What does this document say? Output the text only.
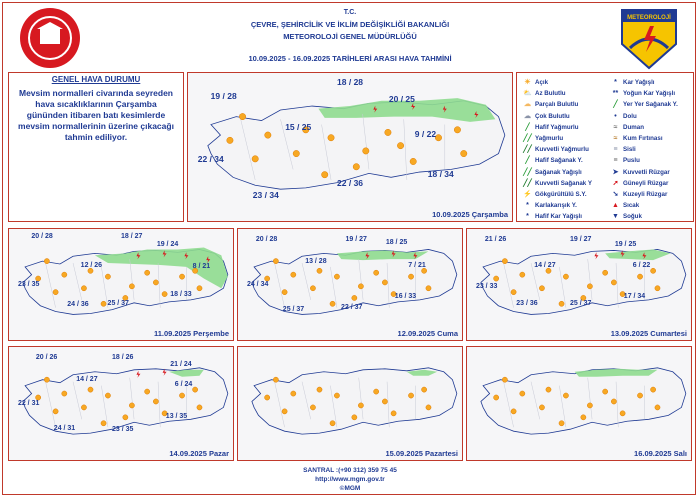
T.C.
ÇEVRE, ŞEHİRCİLİK VE İKLİM DEĞİŞİKLİĞİ BAKANLIĞI
METEOROLOJİ GENEL MÜDÜRLÜĞÜ
10.09.2025 - 16.09.2025 TARİHLERİ ARASI HAVA TAHMİNİ
METEOROLOJİ
GENEL HAVA DURUMU
Mevsim normalleri civarında seyreden hava sıcaklıklarının Çarşamba gününden itibaren batı kesimlerde mevsim normallerinin üzerine çıkacağı tahmin ediliyor.
19 / 28
18 / 28
20 / 25
15 / 25
9 / 22
22 / 34
18 / 34
22 / 36
23 / 34
10.09.2025 Çarşamba
20 / 28	18 / 27
19 / 24
12 / 26	8 / 21
23 / 35
18 / 33
24 / 36	25 / 37
11.09.2025 Perşembe
20 / 28	19 / 27	18 / 25
13 / 28
7 / 21
24 / 34
16 / 33
25 / 37	22 / 37
12.09.2025 Cuma
21 / 26	19 / 27
19 / 25
14 / 27	6 / 22
23 / 33
17 / 34
23 / 36	25 / 37
13.09.2025 Cumartesi
20 / 26	18 / 26
21 / 24
14 / 27
6 / 24
22 / 31
13 / 35
24 / 31	23 / 35
14.09.2025 Pazar	15.09.2025 Pazartesi	16.09.2025 Salı
☀ Açık
⛅ Az Bulutlu
☁ Parçalı Bulutlu
☁ Çok Bulutlu
╱ Hafif Yağmurlu
╱╱ Yağmurlu
╱╱ Kuvvetli Yağmurlu
╱ Hafif Sağanak Y.
╱╱ Sağanak Yağışlı
╱╱ Kuvvetli Sağanak Y
⚡ Gökgürültülü S.Y.
* Karlakarışık Y.
* Hafif Kar Yağışlı
* Kar Yağışlı
** Yoğun Kar Yağışlı
╱ Yer Yer Sağanak Y.
•	Dolu
≈ Duman
≈ Kum Fırtınası
≡ Sisli
≡ Puslu
➤ Kuvvetli Rüzgar
➚ Güneyli Rüzgar
➘ Kuzeyli Rüzgar
▲ Sıcak
▼ Soğuk
SANTRAL :(+90 312) 359 75 45
http://www.mgm.gov.tr
©MGM
